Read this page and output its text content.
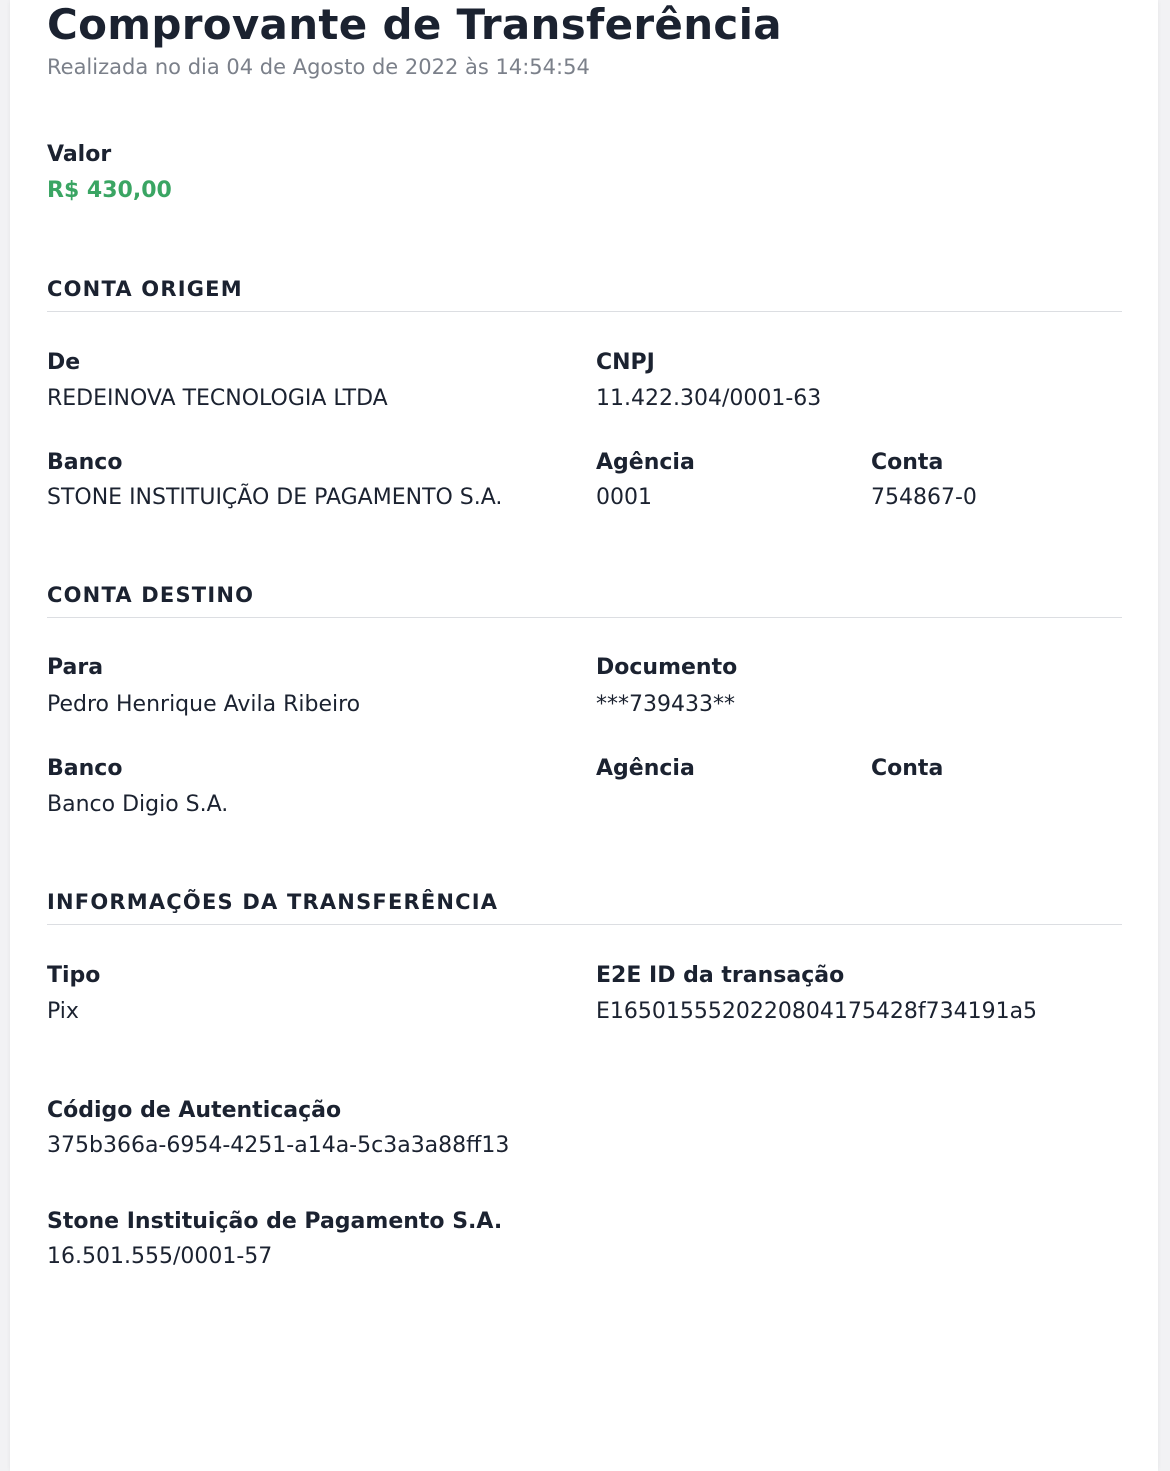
Comprovante de Transferência
Realizada no dia 04 de Agosto de 2022 às 14:54:54
Valor
R$ 430,00
CONTA ORIGEM
De
REDEINOVA TECNOLOGIA LTDA
CNPJ
11.422.304/0001-63
Banco
STONE INSTITUIÇÃO DE PAGAMENTO S.A.
Agência
0001
Conta
754867-0
CONTA DESTINO
Para
Pedro Henrique Avila Ribeiro
Documento
***739433**
Banco
Banco Digio S.A.
Agência	Conta
INFORMAÇÕES DA TRANSFERÊNCIA
Tipo
Pix
E2E ID da transação
E1650155520220804175428f734191a5
Código de Autenticação
375b366a-6954-4251-a14a-5c3a3a88ff13
Stone Instituição de Pagamento S.A.
16.501.555/0001-57
